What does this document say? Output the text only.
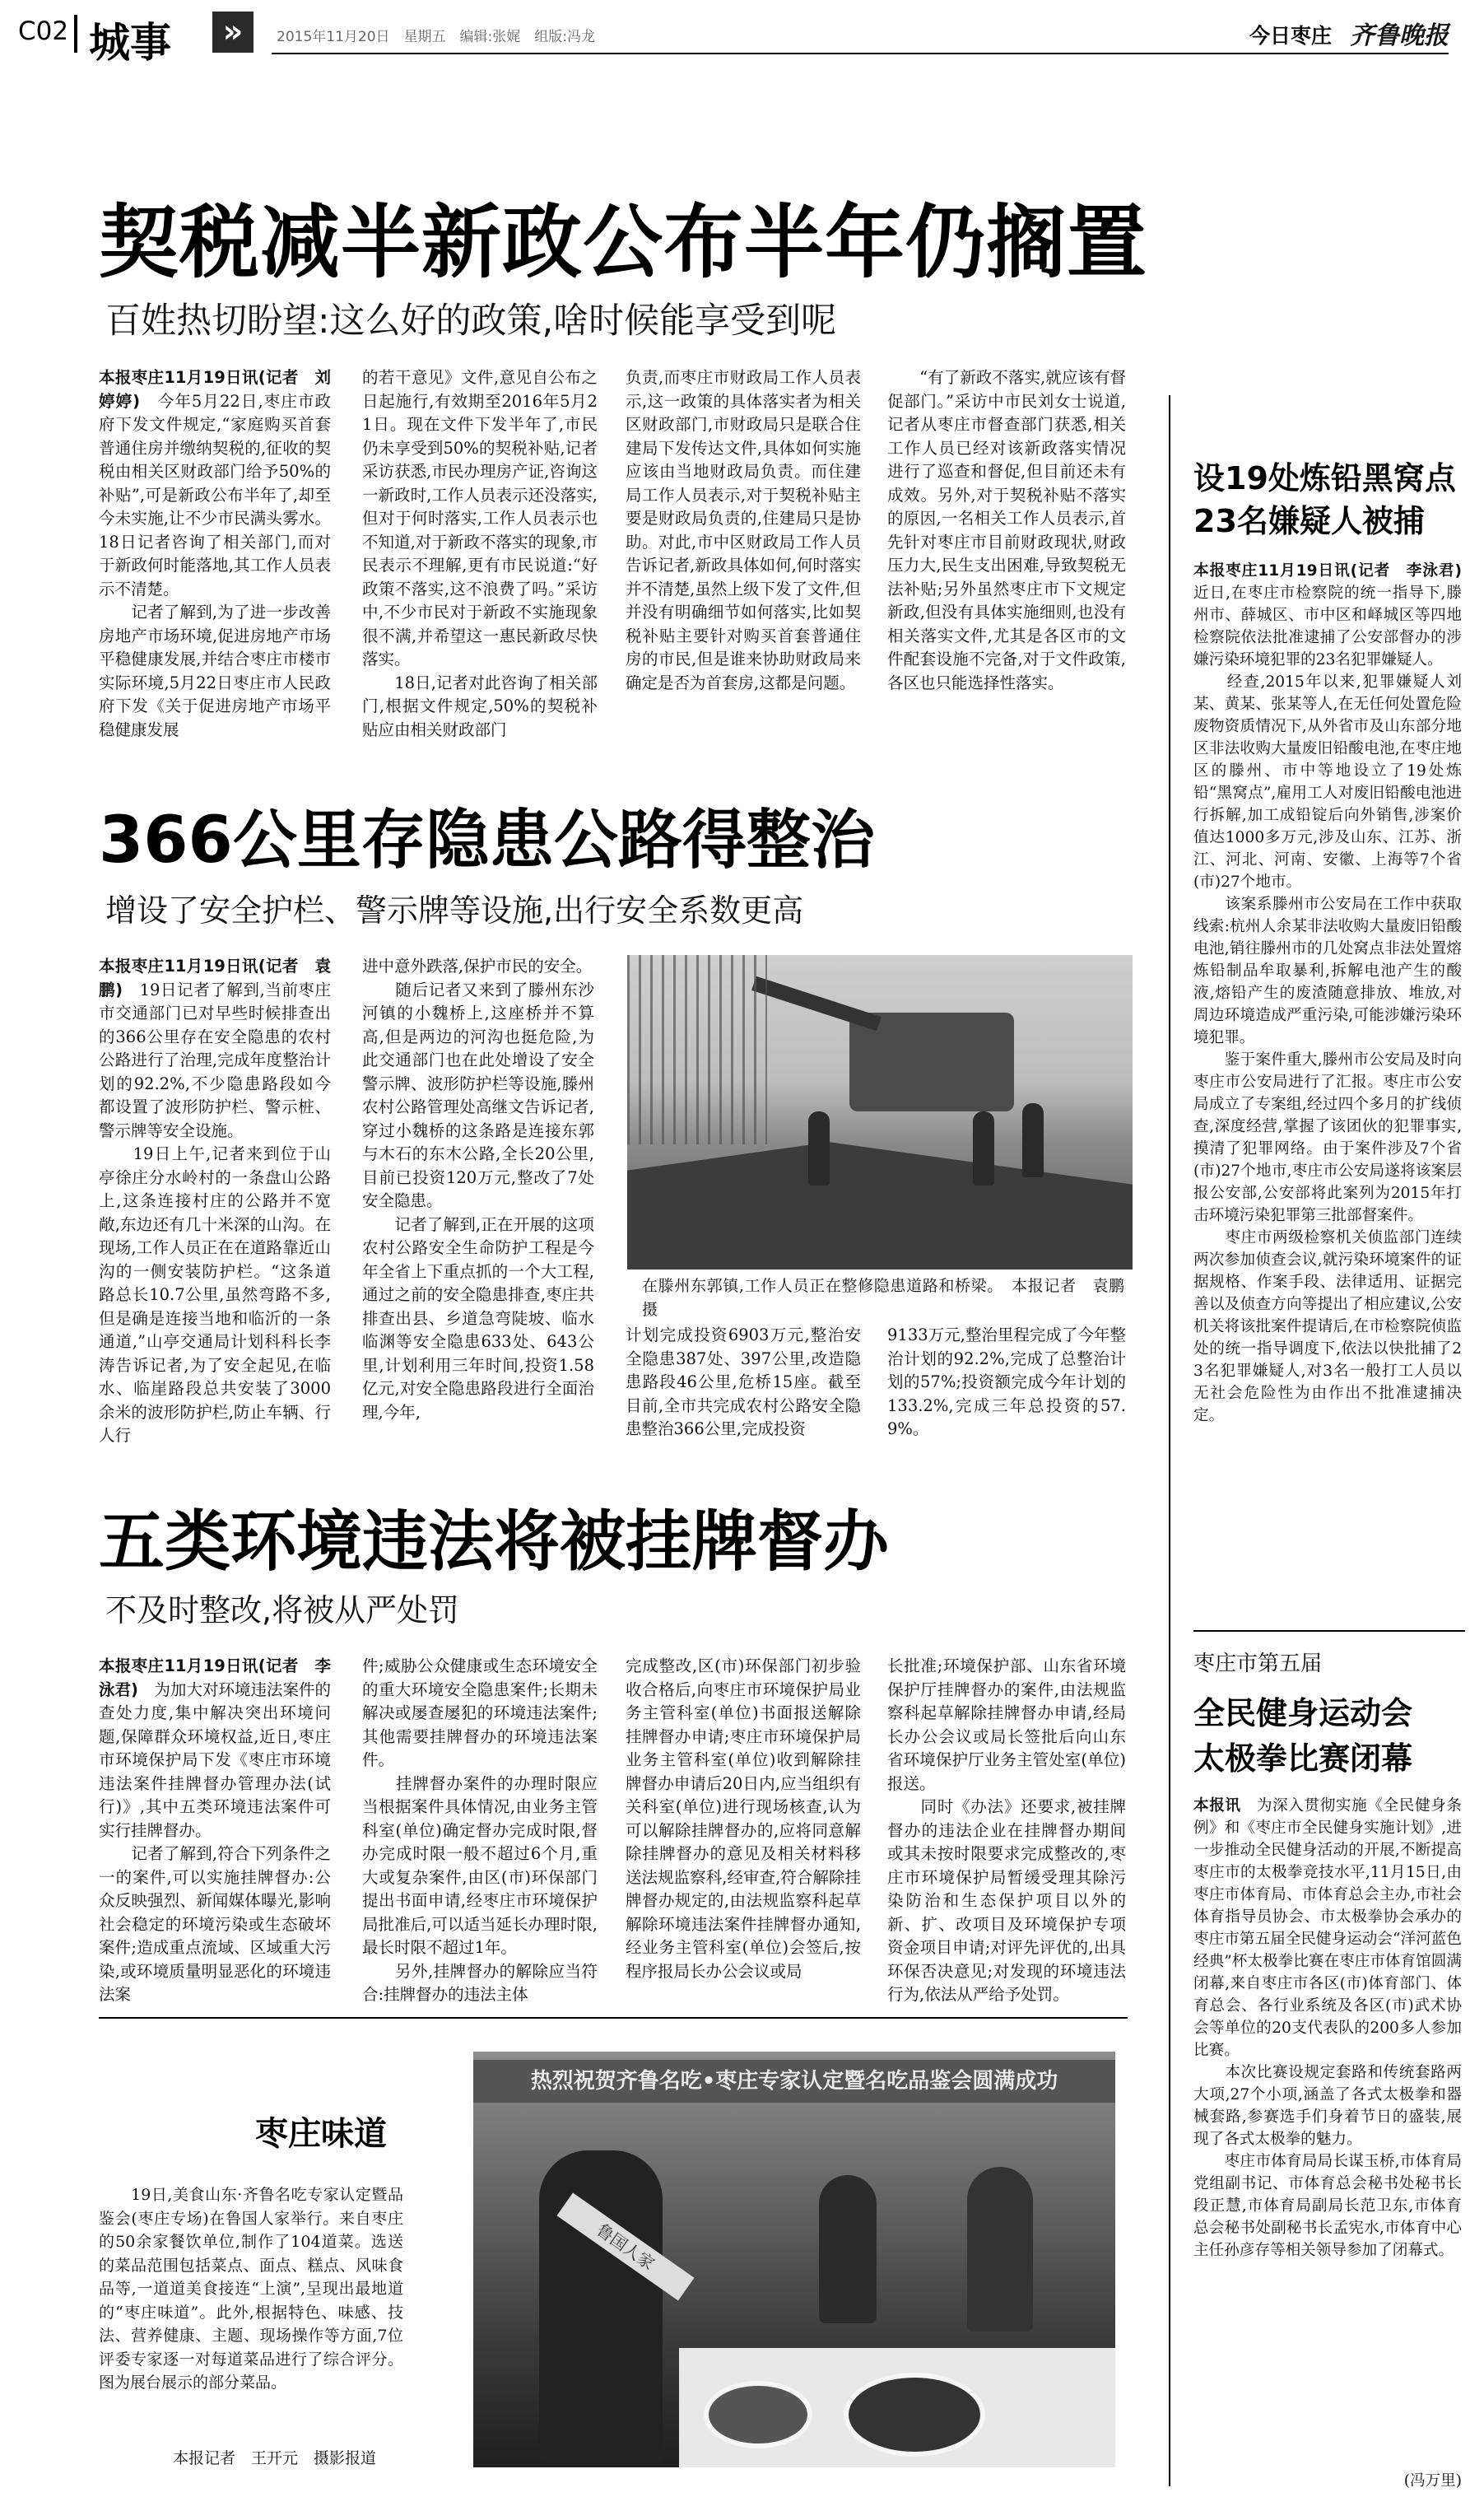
C02 城事	»	2015年11月20日　星期五　编辑:张娓　组版:冯龙	今日枣庄 齐鲁晚报
契税减半新政公布半年仍搁置
百姓热切盼望:这么好的政策,啥时候能享受到呢
本报枣庄11月19日讯(记者　刘婷婷)　今年5月22日,枣庄市政府下发文件规定,“家庭购买首套普通住房并缴纳契税的,征收的契税由相关区财政部门给予50%的补贴”,可是新政公布半年了,却至今未实施,让不少市民满头雾水。18日记者咨询了相关部门,而对于新政何时能落地,其工作人员表示不清楚。
　　记者了解到,为了进一步改善房地产市场环境,促进房地产市场平稳健康发展,并结合枣庄市楼市实际环境,5月22日枣庄市人民政府下发《关于促进房地产市场平稳健康发展
的若干意见》文件,意见自公布之日起施行,有效期至2016年5月21日。现在文件下发半年了,市民仍未享受到50%的契税补贴,记者采访获悉,市民办理房产证,咨询这一新政时,工作人员表示还没落实,但对于何时落实,工作人员表示也不知道,对于新政不落实的现象,市民表示不理解,更有市民说道:“好政策不落实,这不浪费了吗。”采访中,不少市民对于新政不实施现象很不满,并希望这一惠民新政尽快落实。
　　18日,记者对此咨询了相关部门,根据文件规定,50%的契税补贴应由相关财政部门
负责,而枣庄市财政局工作人员表示,这一政策的具体落实者为相关区财政部门,市财政局只是联合住建局下发传达文件,具体如何实施应该由当地财政局负责。而住建局工作人员表示,对于契税补贴主要是财政局负责的,住建局只是协助。对此,市中区财政局工作人员告诉记者,新政具体如何,何时落实并不清楚,虽然上级下发了文件,但并没有明确细节如何落实,比如契税补贴主要针对购买首套普通住房的市民,但是谁来协助财政局来确定是否为首套房,这都是问题。
　　“有了新政不落实,就应该有督促部门。”采访中市民刘女士说道,记者从枣庄市督查部门获悉,相关工作人员已经对该新政落实情况进行了巡查和督促,但目前还未有成效。另外,对于契税补贴不落实的原因,一名相关工作人员表示,首先针对枣庄市目前财政现状,财政压力大,民生支出困难,导致契税无法补贴;另外虽然枣庄市下文规定新政,但没有具体实施细则,也没有相关落实文件,尤其是各区市的文件配套设施不完备,对于文件政策,各区也只能选择性落实。
366公里存隐患公路得整治
增设了安全护栏、警示牌等设施,出行安全系数更高
本报枣庄11月19日讯(记者　袁鹏)　19日记者了解到,当前枣庄市交通部门已对早些时候排查出的366公里存在安全隐患的农村公路进行了治理,完成年度整治计划的92.2%,不少隐患路段如今都设置了波形防护栏、警示桩、警示牌等安全设施。
　　19日上午,记者来到位于山亭徐庄分水岭村的一条盘山公路上,这条连接村庄的公路并不宽敞,东边还有几十米深的山沟。在现场,工作人员正在在道路靠近山沟的一侧安装防护栏。“这条道路总长10.7公里,虽然弯路不多,但是确是连接当地和临沂的一条通道,”山亭交通局计划科科长李涛告诉记者,为了安全起见,在临水、临崖路段总共安装了3000余米的波形防护栏,防止车辆、行人行
进中意外跌落,保护市民的安全。
　　随后记者又来到了滕州东沙河镇的小魏桥上,这座桥并不算高,但是两边的河沟也挺危险,为此交通部门也在此处增设了安全警示牌、波形防护栏等设施,滕州农村公路管理处高继文告诉记者,穿过小魏桥的这条路是连接东郭与木石的东木公路,全长20公里,目前已投资120万元,整改了7处安全隐患。
　　记者了解到,正在开展的这项农村公路安全生命防护工程是今年全省上下重点抓的一个大工程,通过之前的安全隐患排查,枣庄共排查出县、乡道急弯陡坡、临水临渊等安全隐患633处、643公里,计划利用三年时间,投资1.58亿元,对安全隐患路段进行全面治理,今年,
在滕州东郭镇,工作人员正在整修隐患道路和桥梁。　本报记者　袁鹏　摄
计划完成投资6903万元,整治安全隐患387处、397公里,改造隐患路段46公里,危桥15座。截至目前,全市共完成农村公路安全隐患整治366公里,完成投资
9133万元,整治里程完成了今年整治计划的92.2%,完成了总整治计划的57%;投资额完成今年计划的133.2%,完成三年总投资的57.9%。
五类环境违法将被挂牌督办
不及时整改,将被从严处罚
本报枣庄11月19日讯(记者　李泳君)　为加大对环境违法案件的查处力度,集中解决突出环境问题,保障群众环境权益,近日,枣庄市环境保护局下发《枣庄市环境违法案件挂牌督办管理办法(试行)》,其中五类环境违法案件可实行挂牌督办。
　　记者了解到,符合下列条件之一的案件,可以实施挂牌督办:公众反映强烈、新闻媒体曝光,影响社会稳定的环境污染或生态破坏案件;造成重点流域、区域重大污染,或环境质量明显恶化的环境违法案
件;威胁公众健康或生态环境安全的重大环境安全隐患案件;长期未解决或屡查屡犯的环境违法案件;其他需要挂牌督办的环境违法案件。
　　挂牌督办案件的办理时限应当根据案件具体情况,由业务主管科室(单位)确定督办完成时限,督办完成时限一般不超过6个月,重大或复杂案件,由区(市)环保部门提出书面申请,经枣庄市环境保护局批准后,可以适当延长办理时限,最长时限不超过1年。
　　另外,挂牌督办的解除应当符合:挂牌督办的违法主体
完成整改,区(市)环保部门初步验收合格后,向枣庄市环境保护局业务主管科室(单位)书面报送解除挂牌督办申请;枣庄市环境保护局业务主管科室(单位)收到解除挂牌督办申请后20日内,应当组织有关科室(单位)进行现场核查,认为可以解除挂牌督办的,应将同意解除挂牌督办的意见及相关材料移送法规监察科,经审查,符合解除挂牌督办规定的,由法规监察科起草解除环境违法案件挂牌督办通知,经业务主管科室(单位)会签后,按程序报局长办公会议或局
长批准;环境保护部、山东省环境保护厅挂牌督办的案件,由法规监察科起草解除挂牌督办申请,经局长办公会议或局长签批后向山东省环境保护厅业务主管处室(单位)报送。
　　同时《办法》还要求,被挂牌督办的违法企业在挂牌督办期间或其未按时限要求完成整改的,枣庄市环境保护局暂缓受理其除污染防治和生态保护项目以外的新、扩、改项目及环境保护专项资金项目申请;对评先评优的,出具环保否决意见;对发现的环境违法行为,依法从严给予处罚。
设19处炼铅黑窝点
23名嫌疑人被捕
本报枣庄11月19日讯(记者　李泳君)　近日,在枣庄市检察院的统一指导下,滕州市、薛城区、市中区和峄城区等四地检察院依法批准逮捕了公安部督办的涉嫌污染环境犯罪的23名犯罪嫌疑人。
　　经查,2015年以来,犯罪嫌疑人刘某、黄某、张某等人,在无任何处置危险废物资质情况下,从外省市及山东部分地区非法收购大量废旧铅酸电池,在枣庄地区的滕州、市中等地设立了19处炼铅“黑窝点”,雇用工人对废旧铅酸电池进行拆解,加工成铅锭后向外销售,涉案价值达1000多万元,涉及山东、江苏、浙江、河北、河南、安徽、上海等7个省(市)27个地市。
　　该案系滕州市公安局在工作中获取线索:杭州人余某非法收购大量废旧铅酸电池,销往滕州市的几处窝点非法处置熔炼铅制品牟取暴利,拆解电池产生的酸液,熔铅产生的废渣随意排放、堆放,对周边环境造成严重污染,可能涉嫌污染环境犯罪。
　　鉴于案件重大,滕州市公安局及时向枣庄市公安局进行了汇报。枣庄市公安局成立了专案组,经过四个多月的扩线侦查,深度经营,掌握了该团伙的犯罪事实,摸清了犯罪网络。由于案件涉及7个省(市)27个地市,枣庄市公安局遂将该案层报公安部,公安部将此案列为2015年打击环境污染犯罪第三批部督案件。
　　枣庄市两级检察机关侦监部门连续两次参加侦查会议,就污染环境案件的证据规格、作案手段、法律适用、证据完善以及侦查方向等提出了相应建议,公安机关将该批案件提请后,在市检察院侦监处的统一指导调度下,依法以快批捕了23名犯罪嫌疑人,对3名一般打工人员以无社会危险性为由作出不批准逮捕决定。
枣庄市第五届
全民健身运动会
太极拳比赛闭幕
本报讯　为深入贯彻实施《全民健身条例》和《枣庄市全民健身实施计划》,进一步推动全民健身活动的开展,不断提高枣庄市的太极拳竞技水平,11月15日,由枣庄市体育局、市体育总会主办,市社会体育指导员协会、市太极拳协会承办的枣庄市第五届全民健身运动会“洋河蓝色经典”杯太极拳比赛在枣庄市体育馆圆满闭幕,来自枣庄市各区(市)体育部门、体育总会、各行业系统及各区(市)武术协会等单位的20支代表队的200多人参加比赛。
　　本次比赛设规定套路和传统套路两大项,27个小项,涵盖了各式太极拳和器械套路,参赛选手们身着节日的盛装,展现了各式太极拳的魅力。
　　枣庄市体育局局长谋玉桥,市体育局党组副书记、市体育总会秘书处秘书长段正慧,市体育局副局长范卫东,市体育总会秘书处副秘书长孟宪水,市体育中心主任孙彦存等相关领导参加了闭幕式。
(冯万里)
枣庄味道
　　19日,美食山东·齐鲁名吃专家认定暨品鉴会(枣庄专场)在鲁国人家举行。来自枣庄的50余家餐饮单位,制作了104道菜。选送的菜品范围包括菜点、面点、糕点、风味食品等,一道道美食接连“上演”,呈现出最地道的“枣庄味道”。此外,根据特色、味感、技法、营养健康、主题、现场操作等方面,7位评委专家逐一对每道菜品进行了综合评分。图为展台展示的部分菜品。
本报记者　王开元　摄影报道
热烈祝贺齐鲁名吃•枣庄专家认定暨名吃品鉴会圆满成功
鲁国人家
